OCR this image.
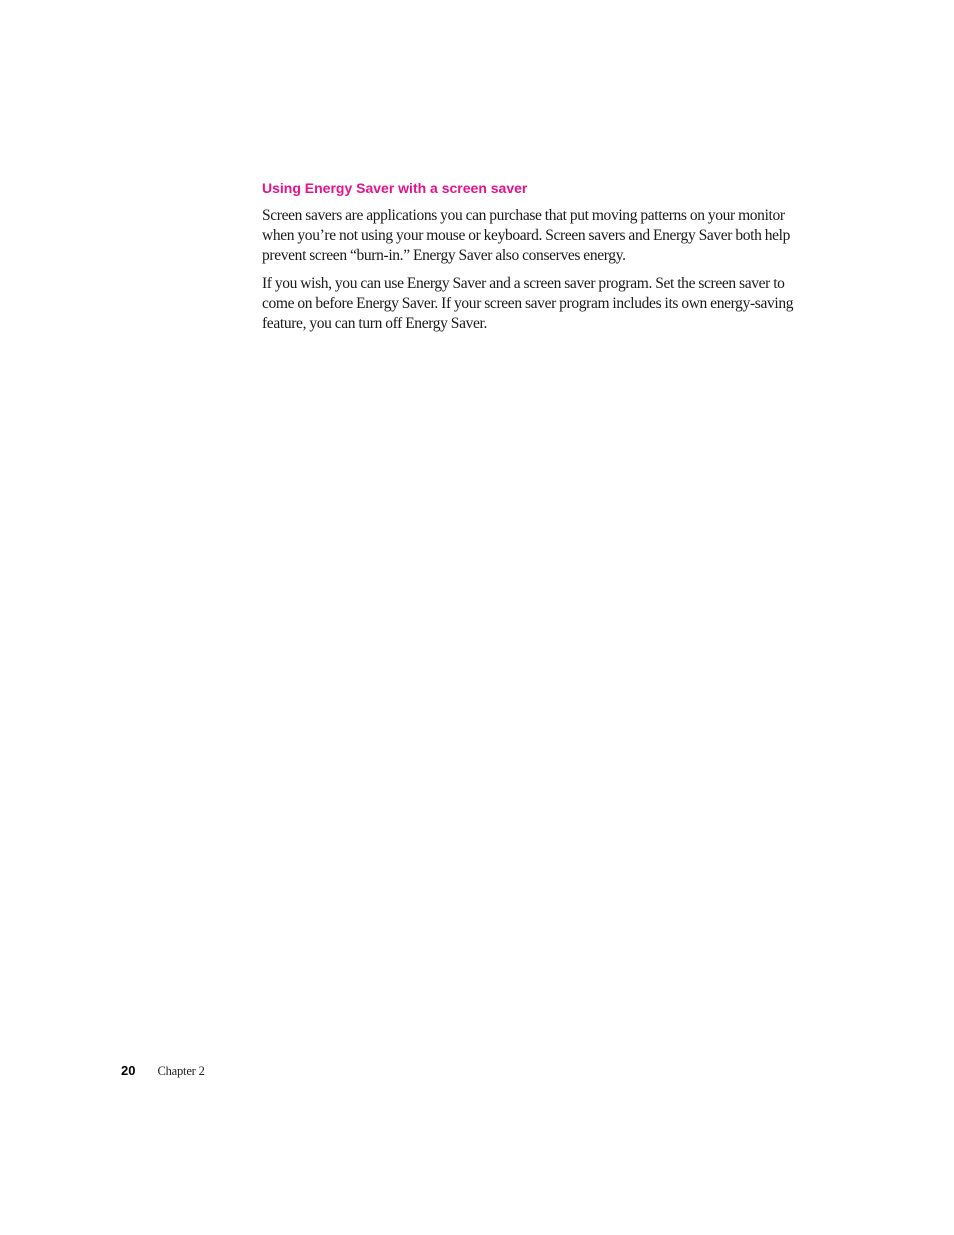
Using Energy Saver with a screen saver

Screen savers are applications you can purchase that put moving patterns on your monitor when you’re not using your mouse or keyboard. Screen savers and Energy Saver both help prevent screen “burn-in.” Energy Saver also conserves energy.

If you wish, you can use Energy Saver and a screen saver program. Set the screen saver to come on before Energy Saver. If your screen saver program includes its own energy-saving feature, you can turn off Energy Saver.

20 Chapter 2
